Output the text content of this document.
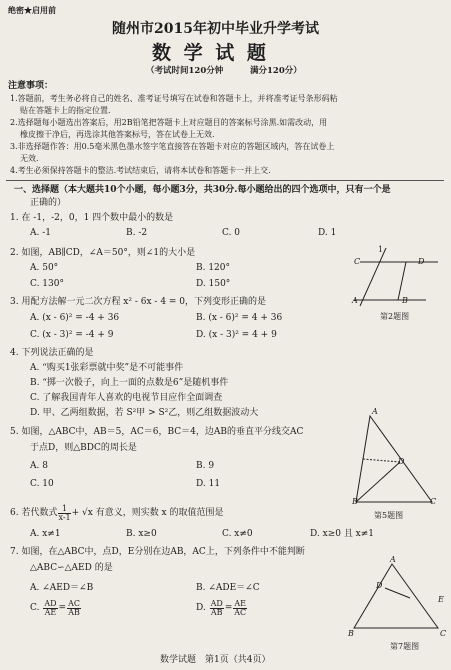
绝密★启用前
随州市2015年初中毕业升学考试
数 学 试 题
（考试时间120分钟	满分120分）
注意事项：
1.答题前，考生务必将自己的姓名、准考证号填写在试卷和答题卡上，并将准考证号条形码粘
贴在答题卡上的指定位置.
2.选择题每小题选出答案后，用2B铅笔把答题卡上对应题目的答案标号涂黑.如需改动，用
橡皮擦干净后，再选涂其他答案标号，答在试卷上无效.
3.非选择题作答：用0.5毫米黑色墨水签字笔直接答在答题卡对应的答题区域内，答在试卷上
无效.
4.考生必须保持答题卡的整洁.考试结束后，请将本试卷和答题卡一并上交.
一、选择题（本大题共10个小题，每小题3分，共30分.每小题给出的四个选项中，只有一个是
正确的）
1. 在 -1，-2，0，1 四个数中最小的数是
A. -1	B. -2	C. 0	D. 1
2. 如图，AB∥CD，∠A＝50°，则∠1的大小是
A. 50°	B. 120°
C. 130°	D. 150°
1
C	D
A	B
第2题图
3. 用配方法解一元二次方程 x² - 6x - 4 = 0，下列变形正确的是
A. (x - 6)² = -4 + 36	B. (x - 6)² = 4 + 36
C. (x - 3)² = -4 + 9	D. (x - 3)² = 4 + 9
4. 下列说法正确的是
A. “购买1张彩票就中奖”是不可能事件
B. “掷一次骰子，向上一面的点数是6”是随机事件
C. 了解我国青年人喜欢的电视节目应作全面调查
D. 甲、乙两组数据，若 S²甲 > S²乙，则乙组数据波动大
5. 如图，△ABC中，AB＝5，AC＝6，BC＝4，边AB的垂直平分线交AC
于点D，则△BDC的周长是
A. 8	B. 9
C. 10	D. 11
A
D
B	C
第5题图
6. 若代数式 $\frac{1}{x-1} + √x$ 有意义，则实数 x 的取值范围是
A. x≠1	B. x≥0	C. x≠0	D. x≥0 且 x≠1
7. 如图，在△ABC中，点D，E分别在边AB，AC上，下列条件中不能判断
△ABC∽△AED 的是
A. ∠AED＝∠B	B. ∠ADE＝∠C
C.
$\frac{AD}{AE} = \frac{AC}{AB}$	D.
$\frac{AD}{AB} = \frac{AE}{AC}$
A
D
E
B	C
第7题图
数学试题　第1页（共4页）
